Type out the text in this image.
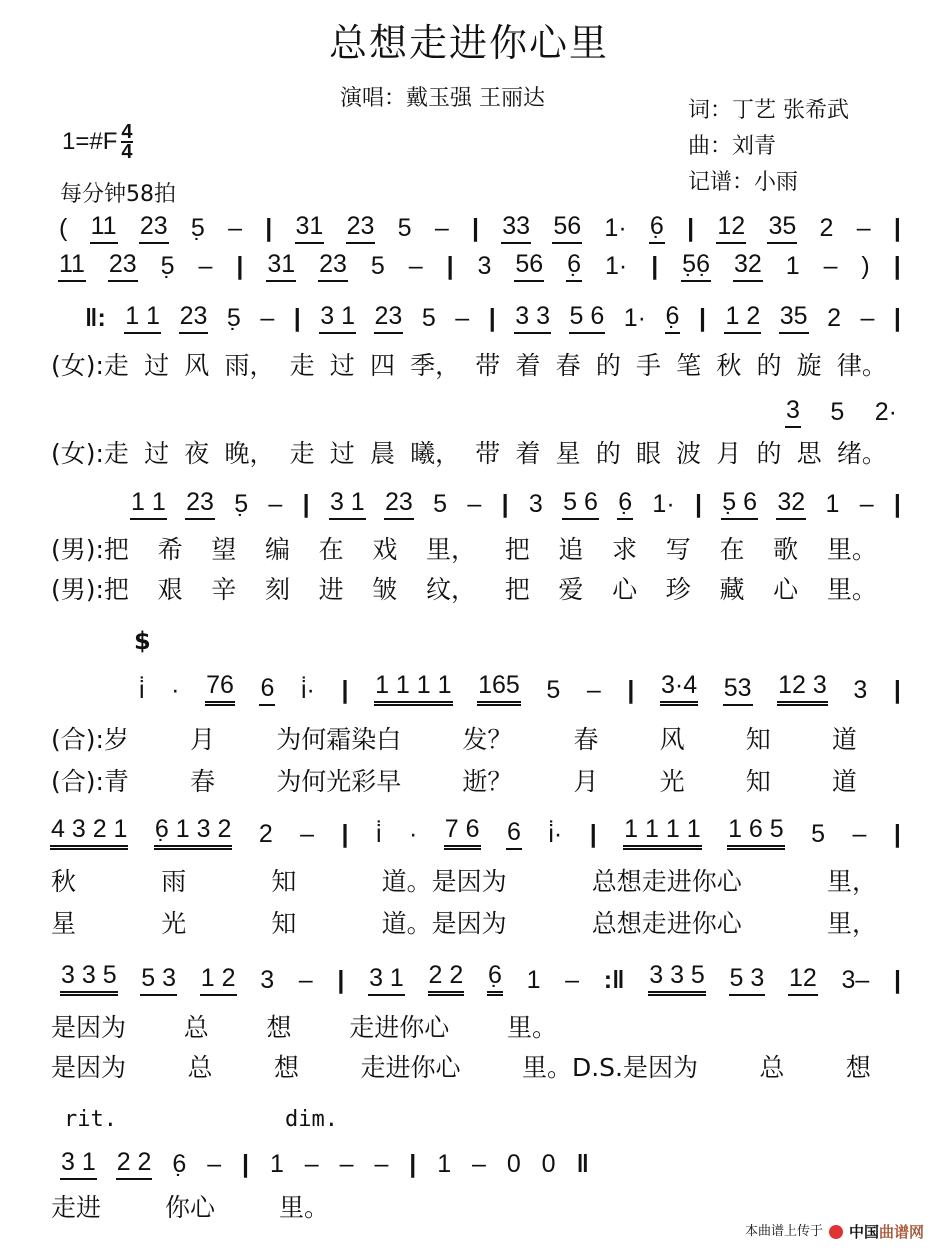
总想走进你心里
演唱：戴玉强 王丽达	词：丁艺 张希武
曲：刘青
记谱：小雨
1=#F $\frac{4}{4}$
每分钟58拍
( 11 23 5̣ – | 31 23 5 – | 33 56 1· 6̣ | 12 35 2 – |
11 23 5̣ – | 31 23 5 – | 3 56 6̣ 1· | 5̣6̣ 32 1 – ) |
‖: 1 1 23 5̣ – | 3 1 23 5 – | 3 3 5 6 1· 6̣ | 1 2 35 2 – |
(女):走 过 风 雨， 走 过 四 季， 带 着 春 的 手 笔 秋 的 旋 律。
3 5 2·
(女):走 过 夜 晚， 走 过 晨 曦， 带 着 星 的 眼 波 月 的 思 绪。
1 1 23 5̣ – | 3 1 23 5 – | 3 5 6 6̣ 1· | 5̣ 6 32 1 – |
(男):把 希 望 编 在 戏 里， 把 追 求 写 在 歌 里。
(男):把 艰 辛 刻 进 皱 纹， 把 爱 心 珍 藏 心 里。
$
i̇ · 76 6 i̇· | 1 1 1 1 165 5 – | 3·4 53 12 3 3 |
(合):岁 月 为何霜染白 发？ 春 风 知 道
(合):青 春 为何光彩早 逝？ 月 光 知 道
4 3 2 1 6̣ 1 3 2 2 – | i̇ · 7 6 6 i̇· | 1 1 1 1 1 6 5 5 – |
秋	雨	知	道。是因为	总想走进你心	里，
星	光	知	道。是因为	总想走进你心	里，
3 3 5 5 3 1 2 3 – | 3 1 2 2 6̣ 1 – :‖ 3 3 5 5 3 12 3– |
是因为 总 想 走进你心 里。
是因为 总 想 走进你心 里。D.S.是因为 总 想
rit.	dim.
3 1 2 2 6̣ – | 1 – – – | 1 – 0 0 ‖
走进	你心	里。
本曲谱上传于 中国曲谱网
